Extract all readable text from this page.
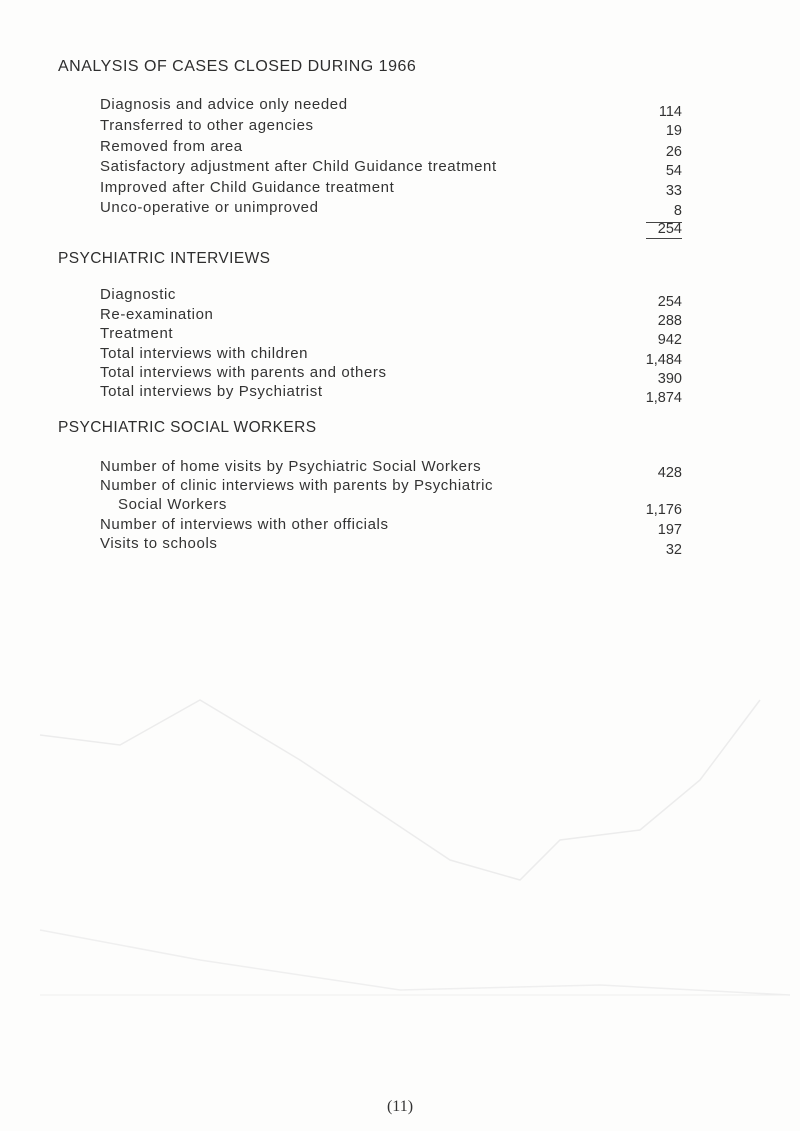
ANALYSIS OF CASES CLOSED DURING 1966
Diagnosis and advice only needed	114
Transferred to other agencies	19
Removed from area	26
Satisfactory adjustment after Child Guidance treatment	54
Improved after Child Guidance treatment	33
Unco-operative or unimproved	8
254
PSYCHIATRIC INTERVIEWS
Diagnostic	254
Re-examination	288
Treatment	942
Total interviews with children	1,484
Total interviews with parents and others	390
Total interviews by Psychiatrist	1,874
PSYCHIATRIC SOCIAL WORKERS
Number of home visits by Psychiatric Social Workers	428
Number of clinic interviews with parents by Psychiatric
Social Workers	1,176
Number of interviews with other officials	197
Visits to schools	32
(11)
